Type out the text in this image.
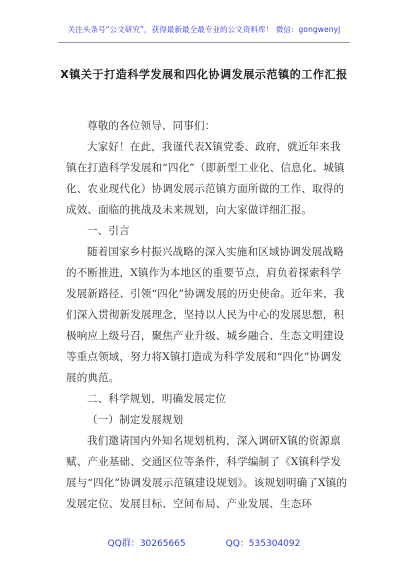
关注头条号“公文研究”，获得最新最全最专业的公文资料库！ 微信：gongwenyj
X镇关于打造科学发展和四化协调发展示范镇的工作汇报

尊敬的各位领导、同事们：

大家好！在此，我谨代表X镇党委、政府，就近年来我镇在打造科学发展和“四化”（即新型工业化、信息化、城镇化、农业现代化）协调发展示范镇方面所做的工作、取得的成效、面临的挑战及未来规划，向大家做详细汇报。

一、引言

随着国家乡村振兴战略的深入实施和区域协调发展战略的不断推进，X镇作为本地区的重要节点，肩负着探索科学发展新路径、引领“四化”协调发展的历史使命。近年来，我们深入贯彻新发展理念，坚持以人民为中心的发展思想，积极响应上级号召，聚焦产业升级、城乡融合、生态文明建设等重点领域，努力将X镇打造成为科学发展和“四化”协调发展的典范。

二、科学规划，明确发展定位

（一）制定发展规划

我们邀请国内外知名规划机构，深入调研X镇的资源禀赋、产业基础、交通区位等条件，科学编制了《X镇科学发展与“四化”协调发展示范镇建设规划》。该规划明确了X镇的发展定位、发展目标、空间布局、产业发展、生态环

QQ群：30265665	QQ：535304092
